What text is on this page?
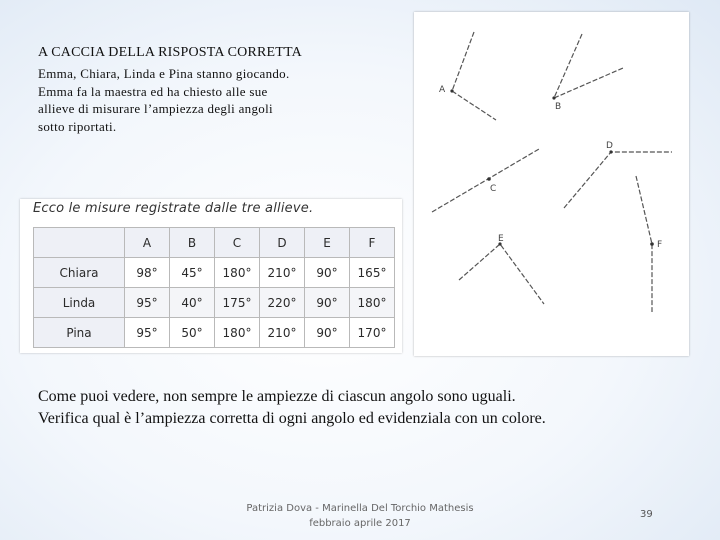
A CACCIA DELLA RISPOSTA CORRETTA
Emma, Chiara, Linda e Pina stanno giocando.
Emma fa la maestra ed ha chiesto alle sue
allieve di misurare l’ampiezza degli angoli
sotto riportati.
Ecco le misure registrate dalle tre allieve.
	A	B	C	D	E	F
Chiara	98°	45°	180°	210°	90°	165°
Linda	95°	40°	175°	220°	90°	180°
Pina	95°	50°	180°	210°	90°	170°
A
B
C
D
E
F
Come puoi vedere, non sempre le ampiezze di ciascun angolo sono uguali.
Verifica qual è l’ampiezza corretta di ogni angolo ed evidenziala con un colore.
Patrizia Dova - Marinella Del Torchio Mathesis
febbraio aprile 2017
39
